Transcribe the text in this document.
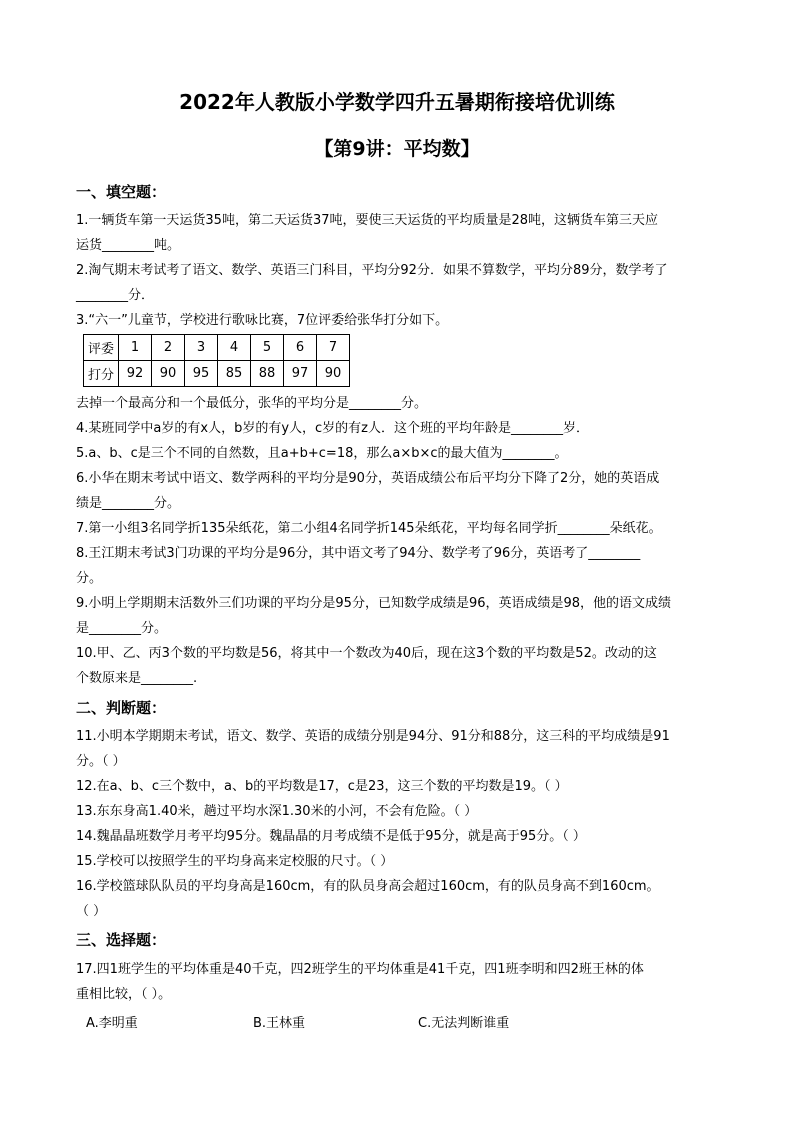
2022年人教版小学数学四升五暑期衔接培优训练
【第9讲：平均数】
一、填空题：
1.一辆货车第一天运货35吨，第二天运货37吨，要使三天运货的平均质量是28吨，这辆货车第三天应
运货________吨。
2.淘气期末考试考了语文、数学、英语三门科目，平均分92分．如果不算数学，平均分89分，数学考了
________分．
3.“六一”儿童节，学校进行歌咏比赛，7位评委给张华打分如下。
评委	1	2	3	4	5	6	7
打分	92	90	95	85	88	97	90
去掉一个最高分和一个最低分，张华的平均分是________分。
4.某班同学中a岁的有x人，b岁的有y人，c岁的有z人．这个班的平均年龄是________岁．
5.a、b、c是三个不同的自然数，且a+b+c=18，那么a×b×c的最大值为________。
6.小华在期末考试中语文、数学两科的平均分是90分，英语成绩公布后平均分下降了2分，她的英语成
绩是________分。
7.第一小组3名同学折135朵纸花，第二小组4名同学折145朵纸花，平均每名同学折________朵纸花。
8.王江期末考试3门功课的平均分是96分，其中语文考了94分、数学考了96分，英语考了________
分。
9.小明上学期期末活数外三们功课的平均分是95分，已知数学成绩是96，英语成绩是98，他的语文成绩
是________分。
10.甲、乙、丙3个数的平均数是56，将其中一个数改为40后，现在这3个数的平均数是52。改动的这
个数原来是________.
二、判断题：
11.小明本学期期末考试，语文、数学、英语的成绩分别是94分、91分和88分，这三科的平均成绩是91
分。（ ）
12.在a、b、c三个数中，a、b的平均数是17，c是23，这三个数的平均数是19。（ ）
13.东东身高1.40米，趟过平均水深1.30米的小河，不会有危险。（ ）
14.魏晶晶班数学月考平均95分。魏晶晶的月考成绩不是低于95分，就是高于95分。（ ）
15.学校可以按照学生的平均身高来定校服的尺寸。（ ）
16.学校篮球队队员的平均身高是160cm，有的队员身高会超过160cm，有的队员身高不到160cm。
（ ）
三、选择题：
17.四1班学生的平均体重是40千克，四2班学生的平均体重是41千克，四1班李明和四2班王林的体
重相比较，（ ）。
A.李明重	B.王林重	C.无法判断谁重
